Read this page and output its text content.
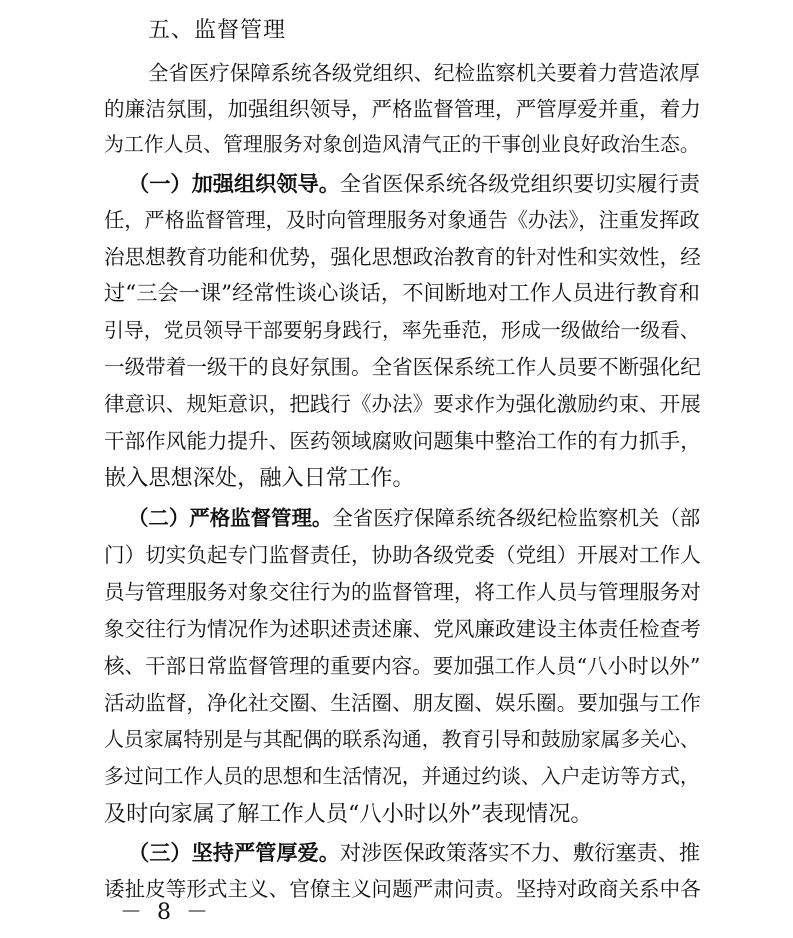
五、监督管理
全省医疗保障系统各级党组织、纪检监察机关要着力营造浓厚
的廉洁氛围，加强组织领导，严格监督管理，严管厚爱并重，着力
为工作人员、管理服务对象创造风清气正的干事创业良好政治生态。
（一）加强组织领导。全省医保系统各级党组织要切实履行责
任，严格监督管理，及时向管理服务对象通告《办法》，注重发挥政
治思想教育功能和优势，强化思想政治教育的针对性和实效性，经
过“三会一课”经常性谈心谈话，不间断地对工作人员进行教育和
引导，党员领导干部要躬身践行，率先垂范，形成一级做给一级看、
一级带着一级干的良好氛围。全省医保系统工作人员要不断强化纪
律意识、规矩意识，把践行《办法》要求作为强化激励约束、开展
干部作风能力提升、医药领域腐败问题集中整治工作的有力抓手，
嵌入思想深处，融入日常工作。
（二）严格监督管理。全省医疗保障系统各级纪检监察机关（部
门）切实负起专门监督责任，协助各级党委（党组）开展对工作人
员与管理服务对象交往行为的监督管理，将工作人员与管理服务对
象交往行为情况作为述职述责述廉、党风廉政建设主体责任检查考
核、干部日常监督管理的重要内容。要加强工作人员“八小时以外”
活动监督，净化社交圈、生活圈、朋友圈、娱乐圈。要加强与工作
人员家属特别是与其配偶的联系沟通，教育引导和鼓励家属多关心、
多过问工作人员的思想和生活情况，并通过约谈、入户走访等方式，
及时向家属了解工作人员“八小时以外”表现情况。
（三）坚持严管厚爱。对涉医保政策落实不力、敷衍塞责、推
诿扯皮等形式主义、官僚主义问题严肃问责。坚持对政商关系中各
－ 8 －
